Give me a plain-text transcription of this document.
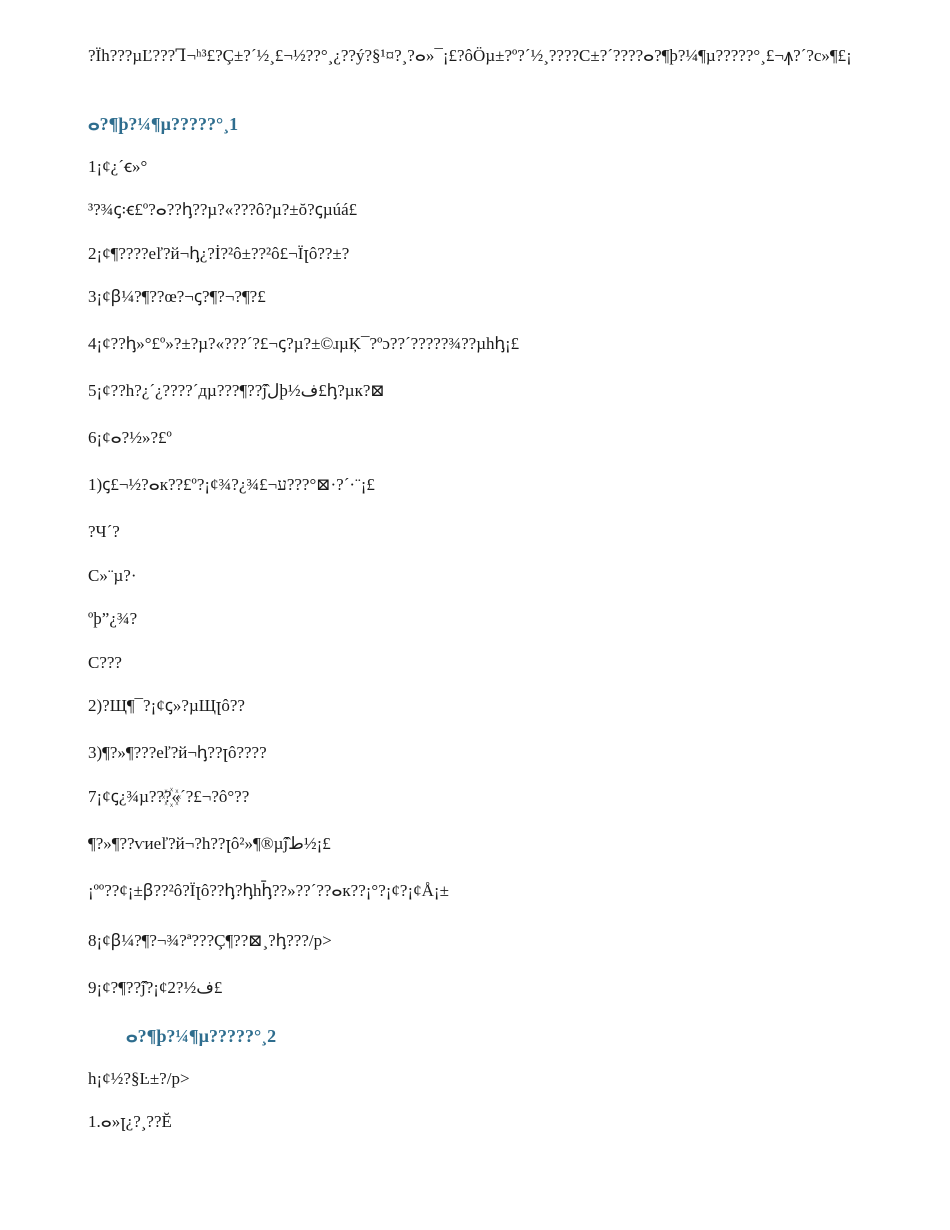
?Ïh???µĽ???Ꞁ¬ʰ³£?Ç±?´½¸£¬½??°¸¿??ý?§¹¤?¸?ⴰ»¯¡£?ôÖµ±?º?´½¸????C±?´????ⴰ?¶þ?¼¶µ?????°¸£¬ꙟ?´?c»¶£¡
ⴰ?¶þ?¼¶µ?????°¸1
1¡¢¿´ꞓ»°
³?¾ꞔ꞉ꞓ£º?ⴰ??ꞕ??µ?«???ô?µ?±ŏ?ꞔµúá£
2¡¢¶????eľ?й¬ꞕ¿?İ?²ô±??²ô£¬Ïꞁô??±?
3¡¢ꞵ¼?¶??œ?¬ꞔ?¶?¬?¶?£
4¡¢??ꞕ»°£º»?±?µ?«???´?£¬ꞔ?µ?±©ɹµĶ¯?ºɔ??´?????¾??µhꞕ¡£
5¡¢??h?¿´¿????´дµ???¶??ĵ̂لþ½ف£ꞕ?µк?⊠
6¡¢ⴰ?½»?£º
1)ꞔ£¬½?ⴰк??£º?¡¢¾?¿¾£¬ע???°⊠·?´·¨¡£
?Ч´?
C»¨µ?·
ºþ”¿¾?
C???
2)?Щ¶¯?¡¢ꞔ»?µЩꞁô??
3)¶?»¶???eľ?й¬ꞕ??ꞁô????
7¡¢ꞔ¿¾µ???꙰«´?£¬?ô°??
¶?»¶??ѵиeľ?й¬?h??ꞁô²»¶®µĵ̂ط½¡£
¡ºº??¢¡±ꞵ??²ô?Ïꞁô??ꞕ?ꞕhꞕ̄??»??´??ⴰк??¡°?¡¢?¡¢Å¡±
8¡¢ꞵ¼?¶?¬¾?ª???Ç¶??⊠¸?ꞕ???/p>
9¡¢?¶??ĵ̂?¡¢2?½ف£
ⴰ?¶þ?¼¶µ?????°¸2
h¡¢½?§Ŀ±?/p>
1.ⴰ»ꞁ¿?¸??Ĕ
